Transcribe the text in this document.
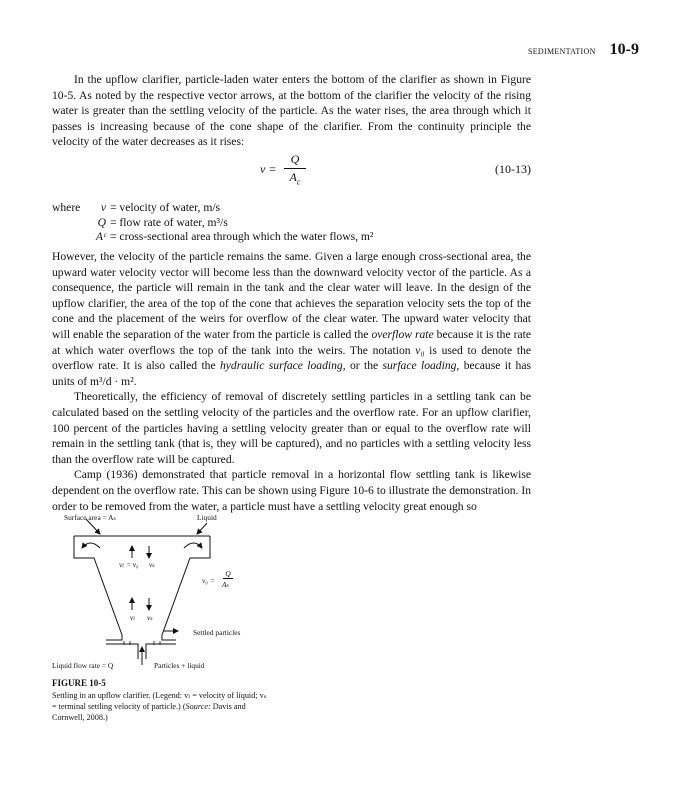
SEDIMENTATION 10-9

In the upflow clarifier, particle-laden water enters the bottom of the clarifier as shown in Figure 10-5. As noted by the respective vector arrows, at the bottom of the clarifier the velocity of the rising water is greater than the settling velocity of the particle. As the water rises, the area through which it passes is increasing because of the cone shape of the clarifier. From the continuity principle the velocity of the water decreases as it rises:

$v = \frac{Q}{A_c}$	(10-13)
where	v = velocity of water, m/s
Q = flow rate of water, m³/s
Aᶜ = cross-sectional area through which the water flows, m²

However, the velocity of the particle remains the same. Given a large enough cross-sectional area, the upward water velocity vector will become less than the downward velocity vector of the particle. As a consequence, the particle will remain in the tank and the clear water will leave. In the design of the upflow clarifier, the area of the top of the cone that achieves the separation velocity sets the top of the cone and the placement of the weirs for overflow of the clear water. The upward water velocity that will enable the separation of the water from the particle is called the overflow rate because it is the rate at which water overflows the top of the tank into the weirs. The notation v₀ is used to denote the overflow rate. It is also called the hydraulic surface loading, or the surface loading, because it has units of m³/d · m².

Theoretically, the efficiency of removal of discretely settling particles in a settling tank can be calculated based on the settling velocity of the particles and the overflow rate. For an upflow clarifier, 100 percent of the particles having a settling velocity greater than or equal to the overflow rate will remain in the settling tank (that is, they will be captured), and no particles with a settling velocity less than the overflow rate will be captured.

Camp (1936) demonstrated that particle removal in a horizontal flow settling tank is likewise dependent on the overflow rate. This can be shown using Figure 10-6 to illustrate the demonstration. In order to be removed from the water, a particle must have a settling velocity great enough so

Surface area = Aₛ	Liquid
vₗ = v₀ vₛ
v₀ =
Q
Aₛ
vₗ vₛ
Settled particles
Liquid flow rate = Q	Particles + liquid
FIGURE 10-5
Settling in an upflow clarifier. (Legend: vₗ = velocity of liquid; vₛ = terminal settling velocity of particle.) (Source: Davis and Cornwell, 2008.)
